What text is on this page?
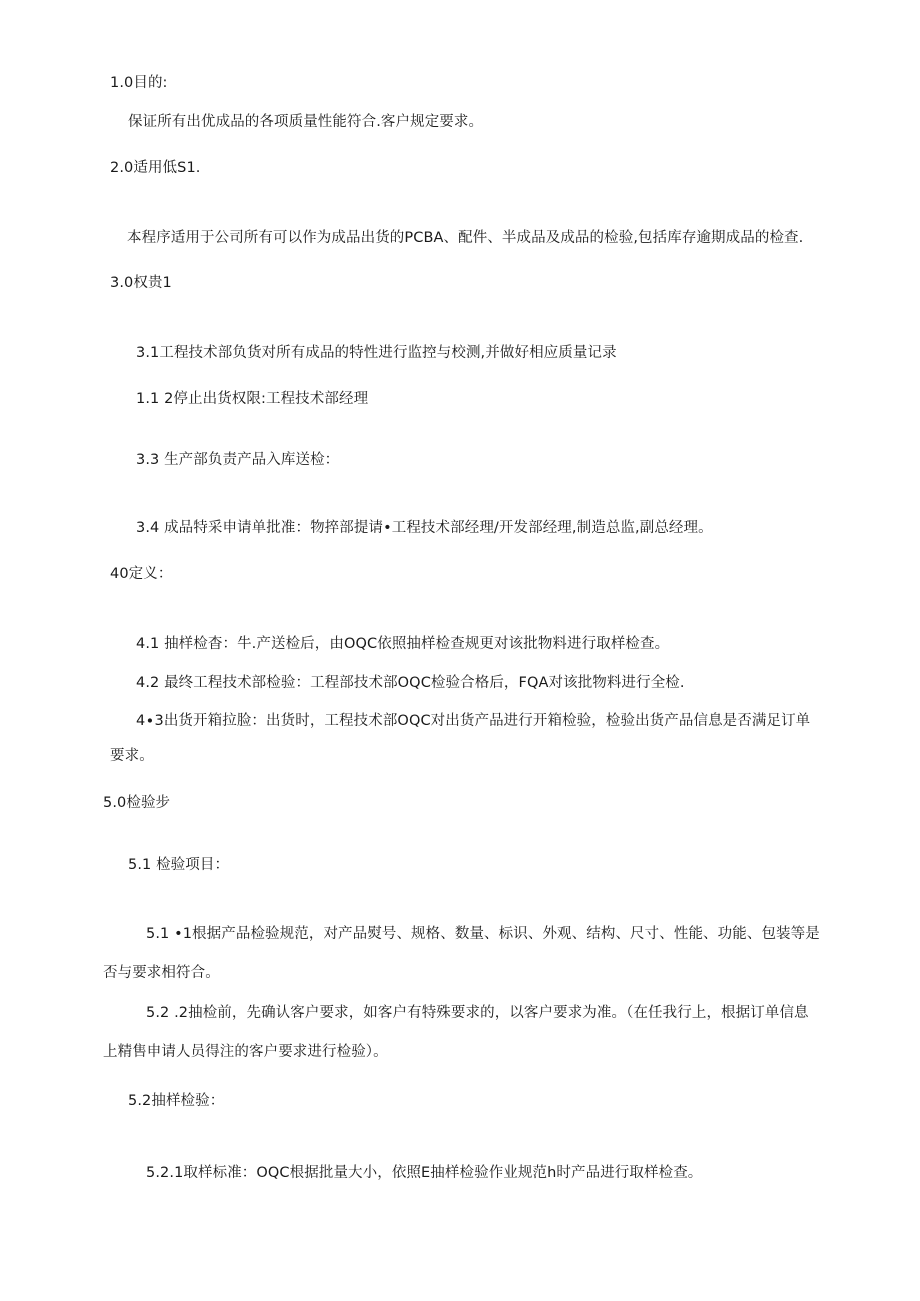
1.0目的:
保证所有出优成品的各项质量性能符合.客户规定要求。
2.0适用低S1.
本程序适用于公司所有可以作为成品出货的PCBA、配件、半成品及成品的检验,包括库存逾期成品的检查.
3.0权贵1
3.1工程技术部负货对所有成品的特性进行监控与校测,并做好相应质量记录
1.1 2停止出货权限:工程技术部经理
3.3 生产部负责产品入库送检：
3.4 成品特采申请单批准：物捽部提请•工程技术部经理/开发部经理,制造总监,副总经理。
40定义：
4.1 抽样检杳：牛.产送检后，由OQC依照抽样检查规更对该批物料进行取样检查。
4.2 最终工程技术部检验：工程部技术部OQC检验合格后，FQA对该批物料进行全检.
4∙3出货开箱拉脸：出货时，工程技术部OQC对出货产品进行开箱检验，检验出货产品信息是否满足订单
要求。
5.0检验步
5.1 检验项目：
5.1 •1根据产品检验规范，对产品熨号、规格、数量、标识、外观、结构、尺寸、性能、功能、包装等是
否与要求相符合。
5.2 .2抽检前，先确认客户要求，如客户有特殊要求的，以客户要求为准。（在任我行上，根据订单信息
上精售申请人员得注的客户要求进行检验）。
5.2抽样检验：
5.2.1取样标准：OQC根据批量大小，依照E抽样检验作业规范h时产品进行取样检查。
